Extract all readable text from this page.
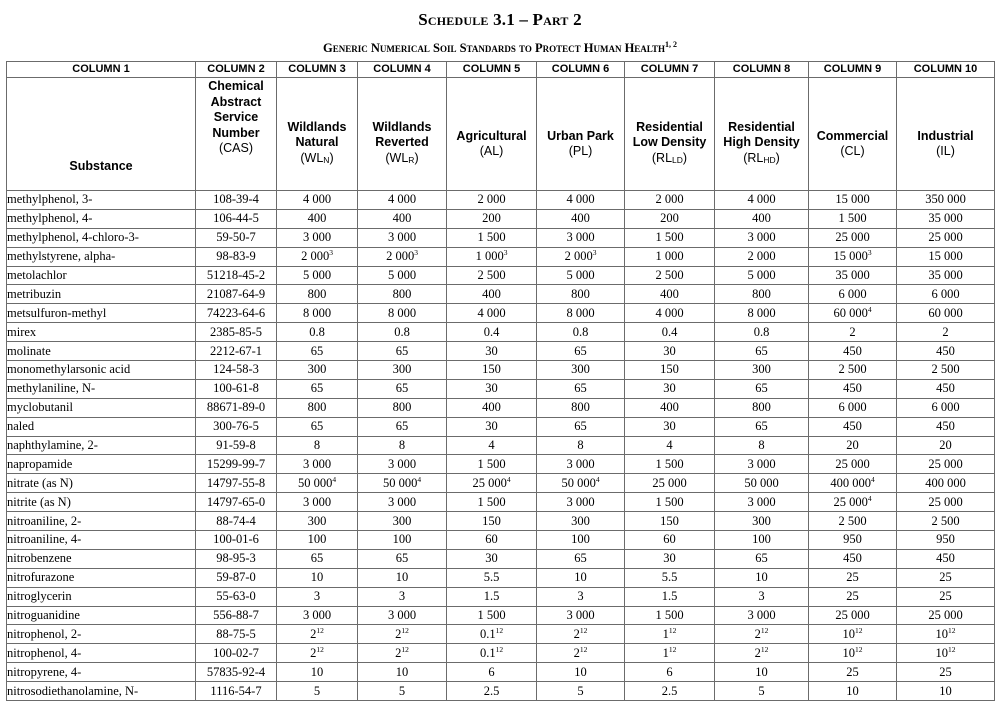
Schedule 3.1 – Part 2
Generic Numerical Soil Standards to Protect Human Health$^{1, 2}$
COLUMN 1	COLUMN 2	COLUMN 3	COLUMN 4	COLUMN 5	COLUMN 6	COLUMN 7	COLUMN 8	COLUMN 9	COLUMN 10

Substance	Chemical
Abstract
Service
Number
(CAS)	Wildlands
Natural
$(WL_N)$	Wildlands
Reverted
$(WL_R)$	Agricultural
(AL)	Urban Park
(PL)	Residential
Low Density
$(RL_{LD})$	Residential
High Density
$(RL_{HD})$	Commercial
(CL)	Industrial
(IL)

methylphenol, 3-	108-39-4	4 000	4 000	2 000	4 000	2 000	4 000	15 000	350 000
methylphenol, 4-	106-44-5	400	400	200	400	200	400	1 500	35 000
methylphenol, 4-chloro-3-	59-50-7	3 000	3 000	1 500	3 000	1 500	3 000	25 000	25 000
methylstyrene, alpha-	98-83-9	2 $000^3$	2 $000^3$	1 $000^3$	2 $000^3$	1 000	2 000	15 $000^3$	15 000
metolachlor	51218-45-2	5 000	5 000	2 500	5 000	2 500	5 000	35 000	35 000
metribuzin	21087-64-9	800	800	400	800	400	800	6 000	6 000
metsulfuron-methyl	74223-64-6	8 000	8 000	4 000	8 000	4 000	8 000	60 $000^4$	60 000
mirex	2385-85-5	0.8	0.8	0.4	0.8	0.4	0.8	2	2
molinate	2212-67-1	65	65	30	65	30	65	450	450
monomethylarsonic acid	124-58-3	300	300	150	300	150	300	2 500	2 500
methylaniline, N-	100-61-8	65	65	30	65	30	65	450	450
myclobutanil	88671-89-0	800	800	400	800	400	800	6 000	6 000
naled	300-76-5	65	65	30	65	30	65	450	450
naphthylamine, 2-	91-59-8	8	8	4	8	4	8	20	20
napropamide	15299-99-7	3 000	3 000	1 500	3 000	1 500	3 000	25 000	25 000
nitrate (as N)	14797-55-8	50 $000^4$	50 $000^4$	25 $000^4$	50 $000^4$	25 000	50 000	400 $000^4$	400 000
nitrite (as N)	14797-65-0	3 000	3 000	1 500	3 000	1 500	3 000	25 $000^4$	25 000
nitroaniline, 2-	88-74-4	300	300	150	300	150	300	2 500	2 500
nitroaniline, 4-	100-01-6	100	100	60	100	60	100	950	950
nitrobenzene	98-95-3	65	65	30	65	30	65	450	450
nitrofurazone	59-87-0	10	10	5.5	10	5.5	10	25	25
nitroglycerin	55-63-0	3	3	1.5	3	1.5	3	25	25
nitroguanidine	556-88-7	3 000	3 000	1 500	3 000	1 500	3 000	25 000	25 000
nitrophenol, 2-	88-75-5	$2^{12}$	$2^{12}$	$0.1^{12}$	$2^{12}$	$1^{12}$	$2^{12}$	$10^{12}$	$10^{12}$
nitrophenol, 4-	100-02-7	$2^{12}$	$2^{12}$	$0.1^{12}$	$2^{12}$	$1^{12}$	$2^{12}$	$10^{12}$	$10^{12}$
nitropyrene, 4-	57835-92-4	10	10	6	10	6	10	25	25
nitrosodiethanolamine, N-	1116-54-7	5	5	2.5	5	2.5	5	10	10
